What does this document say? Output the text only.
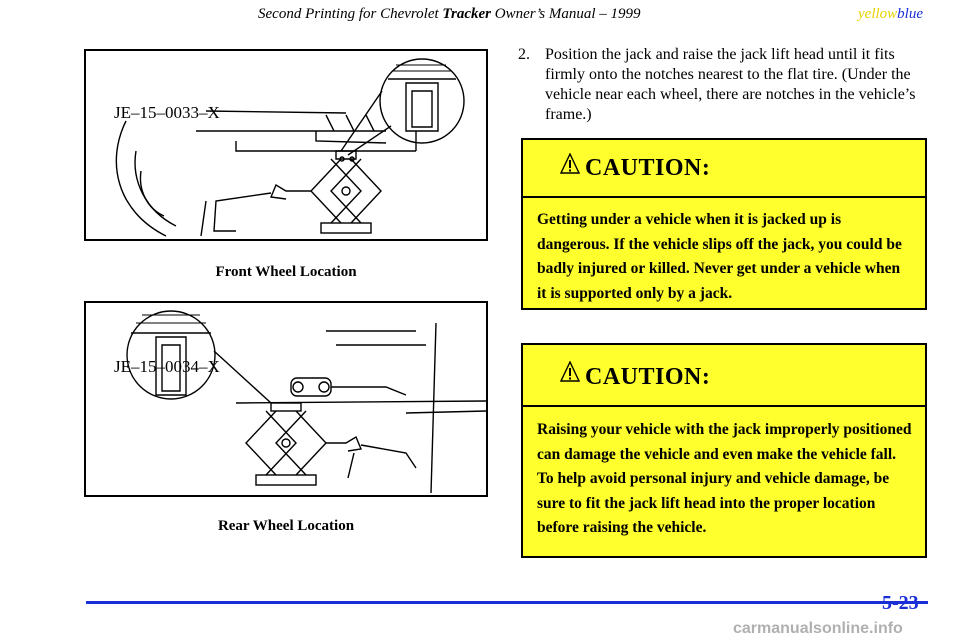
Second Printing for Chevrolet Tracker Owner’s Manual – 1999	yellowblue
JE–15–0033–X
Front Wheel Location
JE–15–0034–X
Rear Wheel Location
2. Position the jack and raise the jack lift head until it fits firmly onto the notches nearest to the flat tire. (Under the vehicle near each wheel, there are notches in the vehicle’s frame.)
CAUTION:
Getting under a vehicle when it is jacked up is dangerous. If the vehicle slips off the jack, you could be badly injured or killed. Never get under a vehicle when it is supported only by a jack.
CAUTION:
Raising your vehicle with the jack improperly positioned can damage the vehicle and even make the vehicle fall. To help avoid personal injury and vehicle damage, be sure to fit the jack lift head into the proper location before raising the vehicle.
5-23
carmanualsonline.info
